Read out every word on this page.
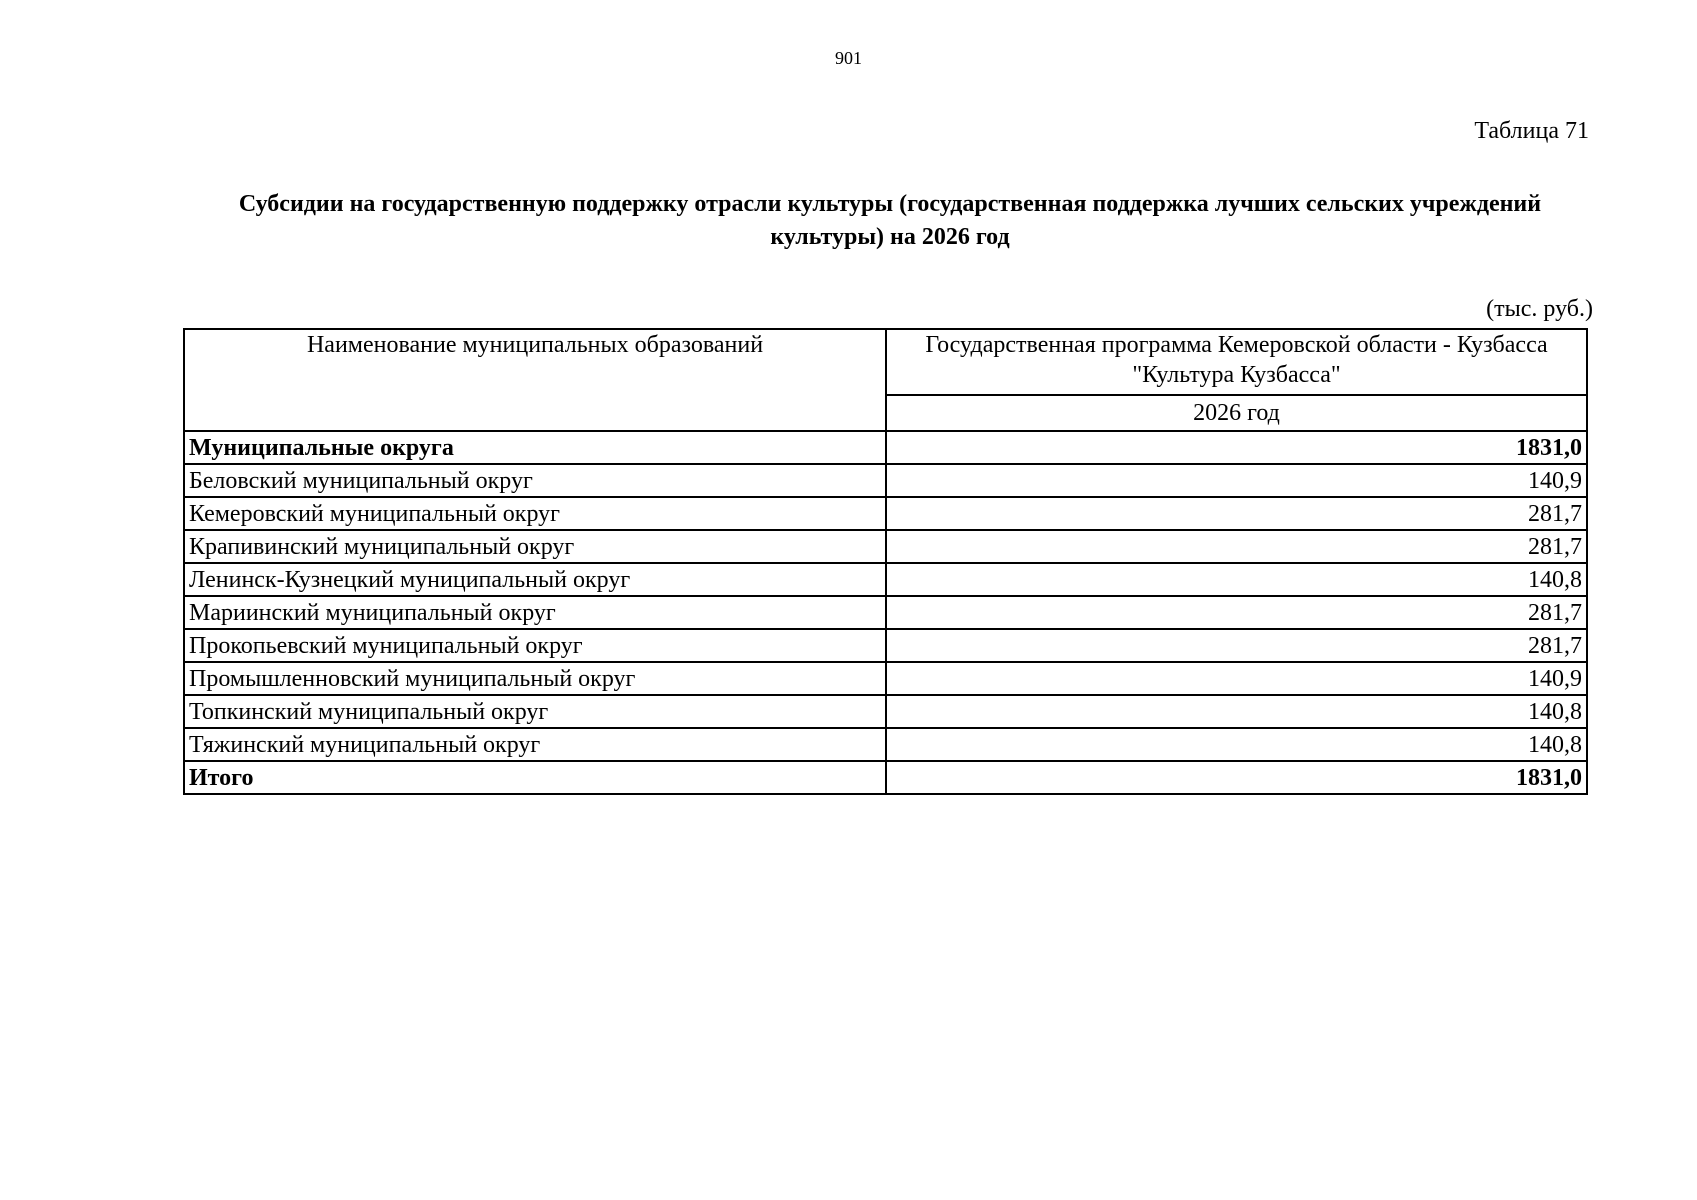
901
Таблица 71
Субсидии на государственную поддержку отрасли культуры (государственная поддержка лучших сельских учреждений культуры) на 2026 год
(тыс. руб.)
Наименование муниципальных образований	Государственная программа Кемеровской области - Кузбасса "Культура Кузбасса"
	2026 год
Муниципальные округа	1831,0
Беловский муниципальный округ	140,9
Кемеровский муниципальный округ	281,7
Крапивинский муниципальный округ	281,7
Ленинск-Кузнецкий муниципальный округ	140,8
Мариинский муниципальный округ	281,7
Прокопьевский муниципальный округ	281,7
Промышленновский муниципальный округ	140,9
Топкинский муниципальный округ	140,8
Тяжинский муниципальный округ	140,8
Итого	1831,0
